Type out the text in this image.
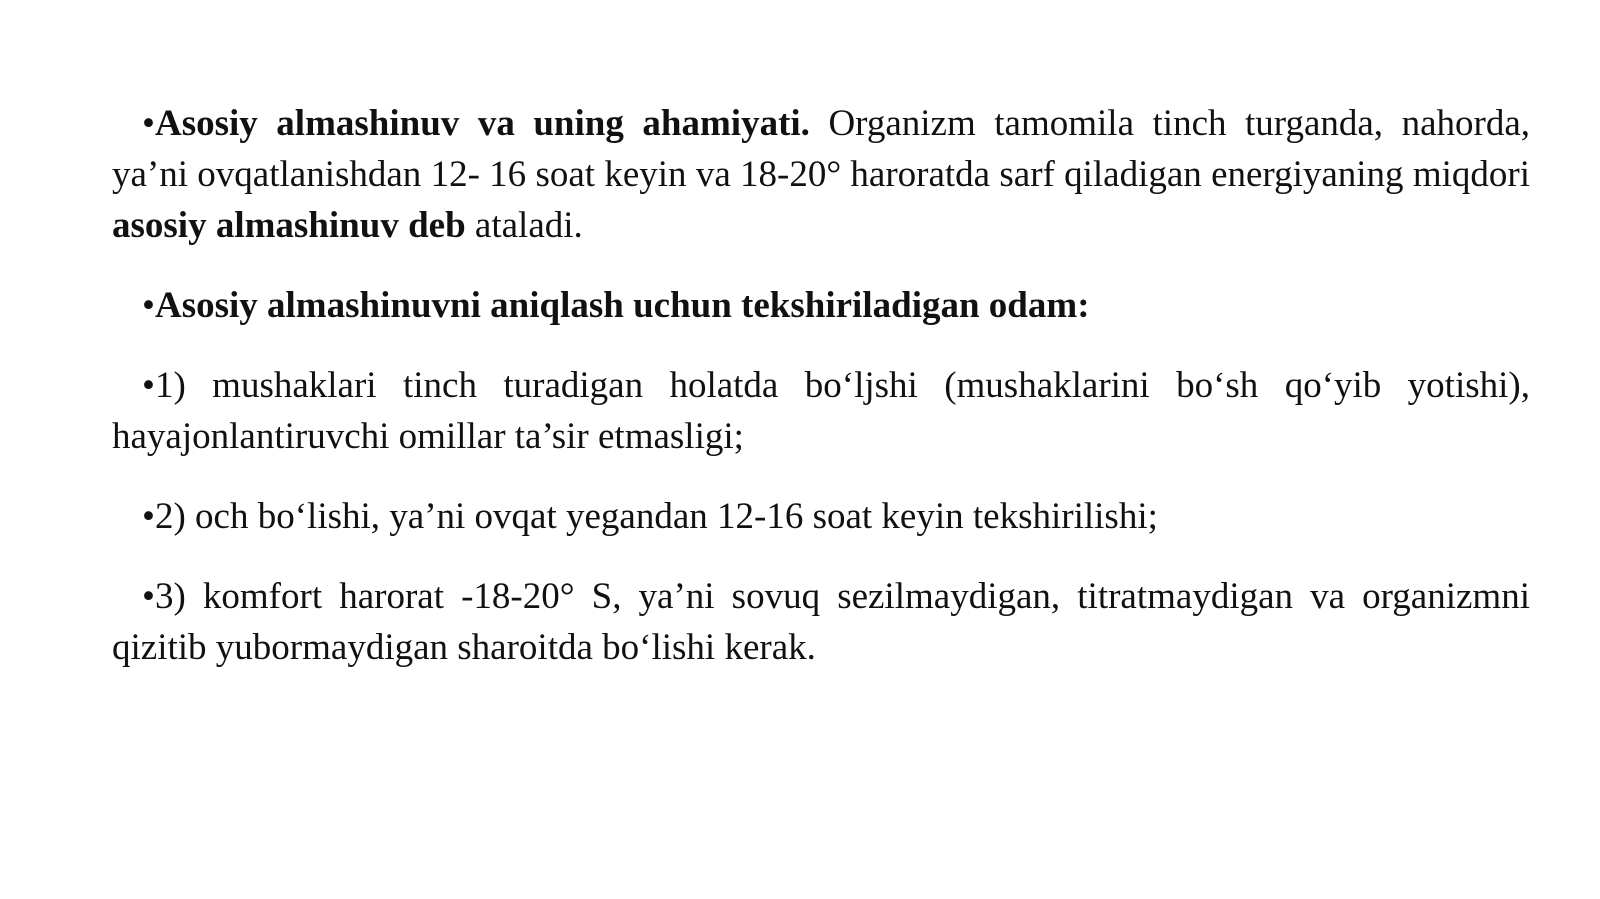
•Asosiy almashinuv va uning ahamiyati. Organizm tamomila tinch turganda, nahorda, ya’ni ovqatlanishdan 12- 16 soat keyin va 18-20° haroratda sarf qiladigan energiyaning miqdori asosiy almashinuv deb ataladi.

•Asosiy almashinuvni aniqlash uchun tekshiriladigan odam:

•1) mushaklari tinch turadigan holatda bo‘ljshi (mushaklarini bo‘sh qo‘yib yotishi), hayajonlantiruvchi omillar ta’sir etmasligi;

•2) och bo‘lishi, ya’ni ovqat yegandan 12-16 soat keyin tekshirilishi;

•3) komfort harorat -18-20° S, ya’ni sovuq sezilmaydigan, titratmaydigan va organizmni qizitib yubormaydigan sharoitda bo‘lishi kerak.
